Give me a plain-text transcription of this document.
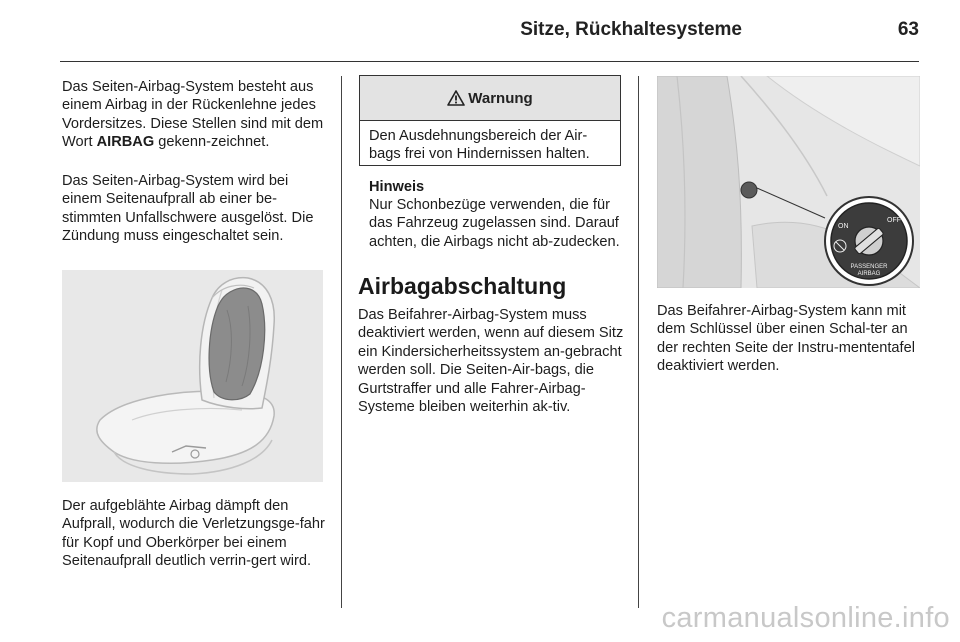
Sitze, Rückhaltesysteme	63

Das Seiten-Airbag-System besteht aus einem Airbag in der Rückenlehne jedes Vordersitzes. Diese Stellen sind mit dem Wort AIRBAG gekenn-zeichnet.

Das Seiten-Airbag-System wird bei einem Seitenaufprall ab einer be-stimmten Unfallschwere ausgelöst. Die Zündung muss eingeschaltet sein.

Der aufgeblähte Airbag dämpft den Aufprall, wodurch die Verletzungsge-fahr für Kopf und Oberkörper bei einem Seitenaufprall deutlich verrin-gert wird.

Warnung
Den Ausdehnungsbereich der Air-bags frei von Hindernissen halten.
Hinweis

Nur Schonbezüge verwenden, die für das Fahrzeug zugelassen sind. Darauf achten, die Airbags nicht ab-zudecken.

Airbagabschaltung

Das Beifahrer-Airbag-System muss deaktiviert werden, wenn auf diesem Sitz ein Kindersicherheitssystem an-gebracht werden soll. Die Seiten-Air-bags, die Gurtstraffer und alle Fahrer-Airbag-Systeme bleiben weiterhin ak-tiv.

ON
OFF
PASSENGER
AIRBAG

Das Beifahrer-Airbag-System kann mit dem Schlüssel über einen Schal-ter an der rechten Seite der Instru-mententafel deaktiviert werden.

carmanualsonline.info
